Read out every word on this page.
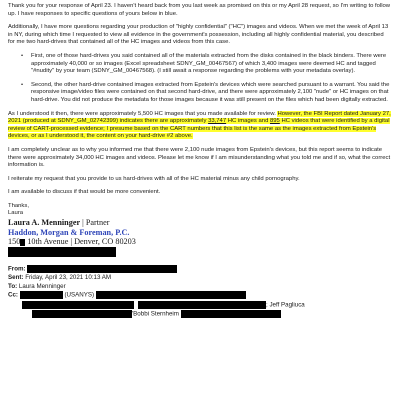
Thank you for your response of April 23. I haven't heard back from you last week as promised on this or my April 28 request, so I'm writing to follow up. I have responses to specific questions of yours below in blue.

Additionally, I have more questions regarding your production of "highly confidential" ("HC") images and videos. When we met the week of April 13 in NY, during which time I requested to view all evidence in the government's possession, including all highly confidential material, you described for me two hard-drives that contained all of the HC images and videos from this case.

• First, one of those hard-drives you said contained all of the materials extracted from the disks contained in the black binders. There were approximately 40,000 or so images (Excel spreadsheet SDNY_GM_00467567) of which 3,400 images were deemed HC and tagged "#nudity" by your team (SDNY_GM_00467568). (I still await a response regarding the problems with your metadata overlay).
• Second, the other hard-drive contained images extracted from Epstein's devices which were searched pursuant to a warrant. You said the responsive image/video files were contained on that second hard-drive, and there were approximately 2,100 "nude" or HC images on that hard-drive. You did not produce the metadata for those images because it was still present on the files which had been digitally extracted.

As I understood it then, there were approximately 5,500 HC images that you made available for review. However, the FBI Report dated January 27, 2021 (produced at SDNY_GM_02742399) indicates there are approximately 33,747 HC images and 895 HC videos that were identified by a digital review of CART-processed evidence; I presume based on the CART numbers that this list is the same as the images extracted from Epstein's devices, or as I understood it, the content on your hard-drive #2 above.

I am completely unclear as to why you informed me that there were 2,100 nude images from Epstein's devices, but this report seems to indicate there were approximately 34,000 HC images and videos. Please let me know if I am misunderstanding what you told me and if so, what the correct information is.

I reiterate my request that you provide to us hard-drives with all of the HC material minus any child pornography.

I am available to discuss if that would be more convenient.

Thanks,

Laura

Laura A. Menninger | Partner
Haddon, Morgan & Foreman, P.C.
150 10th Avenue | Denver, CO 80203
From:
Sent: Friday, April 23, 2021 10:13 AM
To: Laura Menninger
Cc:	(USANYS)
; Jeff Pagliuca
'Bobbi Sternheim
